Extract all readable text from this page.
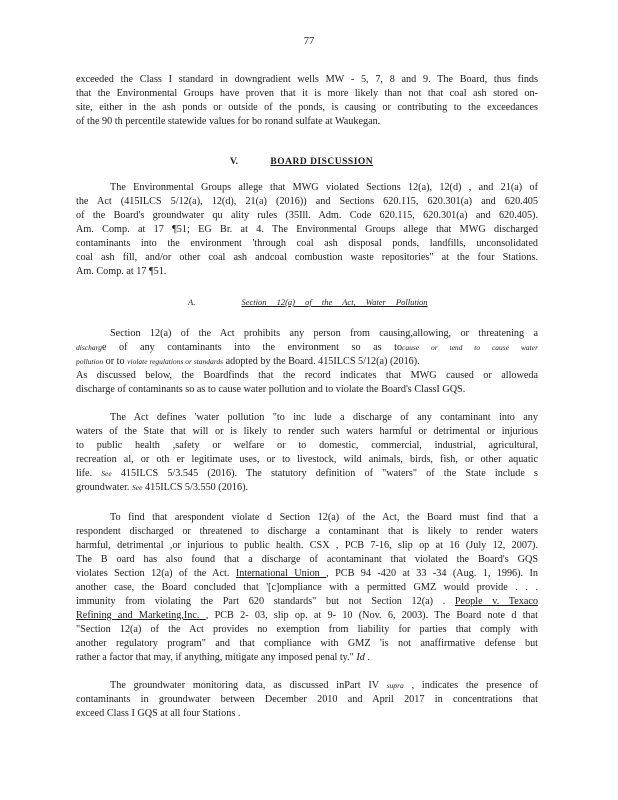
77
exceeded the Class I standard in downgradient wells MW - 5, 7, 8 and 9. The Board, thus finds
that the Environmental Groups have proven that it is more likely than not that coal ash stored on-
site, either in the ash ponds or outside of the ponds, is causing or contributing to the exceedances
of the 90 th percentile statewide values for bo ronand sulfate at Waukegan.
V.	BOARD DISCUSSION
The Environmental Groups allege that MWG violated Sections 12(a), 12(d) , and 21(a) of
the Act (415ILCS 5/12(a), 12(d), 21(a) (2016)) and Sections 620.115, 620.301(a) and 620.405
of the Board's groundwater qu ality rules (35Ill. Adm. Code 620.115, 620.301(a) and 620.405).
Am. Comp. at 17 ¶51; EG Br. at 4. The Environmental Groups allege that MWG discharged
contaminants into the environment 'through coal ash disposal ponds, landfills, unconsolidated
coal ash fill, and/or other coal ash andcoal combustion waste repositories" at the four Stations.
Am. Comp. at 17 ¶51.
A.	Section 12(a) of the Act, Water Pollution
Section 12(a) of the Act prohibits any person from causing,allowing, or threatening a
discharge of any contaminants into the environment so as tocause or tend to cause water
pollution or to violate regulations or standards adopted by the Board. 415ILCS 5/12(a) (2016).
As discussed below, the Boardfinds that the record indicates that MWG caused or alloweda
discharge of contaminants so as to cause water pollution and to violate the Board's ClassI GQS.
The Act defines 'water pollution "to inc lude a discharge of any contaminant into any
waters of the State that will or is likely to render such waters harmful or detrimental or injurious
to public health ,safety or welfare or to domestic, commercial, industrial, agricultural,
recreation al, or oth er legitimate uses, or to livestock, wild animals, birds, fish, or other aquatic
life. See 415ILCS 5/3.545 (2016). The statutory definition of "waters" of the State include s
groundwater. See 415ILCS 5/3.550 (2016).
To find that arespondent violate d Section 12(a) of the Act, the Board must find that a
respondent discharged or threatened to discharge a contaminant that is likely to render waters
harmful, detrimental ,or injurious to public health. CSX , PCB 7-16, slip op at 16 (July 12, 2007).
The B oard has also found that a discharge of acontaminant that violated the Board's GQS
violates Section 12(a) of the Act. International Union , PCB 94 -420 at 33 -34 (Aug. 1, 1996). In
another case, the Board concluded that '[c]ompliance with a permitted GMZ would provide . . .
immunity from violating the Part 620 standards" but not Section 12(a) . People v. Texaco
Refining and Marketing,Inc. , PCB 2- 03, slip op. at 9- 10 (Nov. 6, 2003). The Board note d that
"Section 12(a) of the Act provides no exemption from liability for parties that comply with
another regulatory program" and that compliance with GMZ 'is not anaffirmative defense but
rather a factor that may, if anything, mitigate any imposed penal ty." Id .
The groundwater monitoring data, as discussed inPart IV supra , indicates the presence of
contaminants in groundwater between December 2010 and April 2017 in concentrations that
exceed Class I GQS at all four Stations .
